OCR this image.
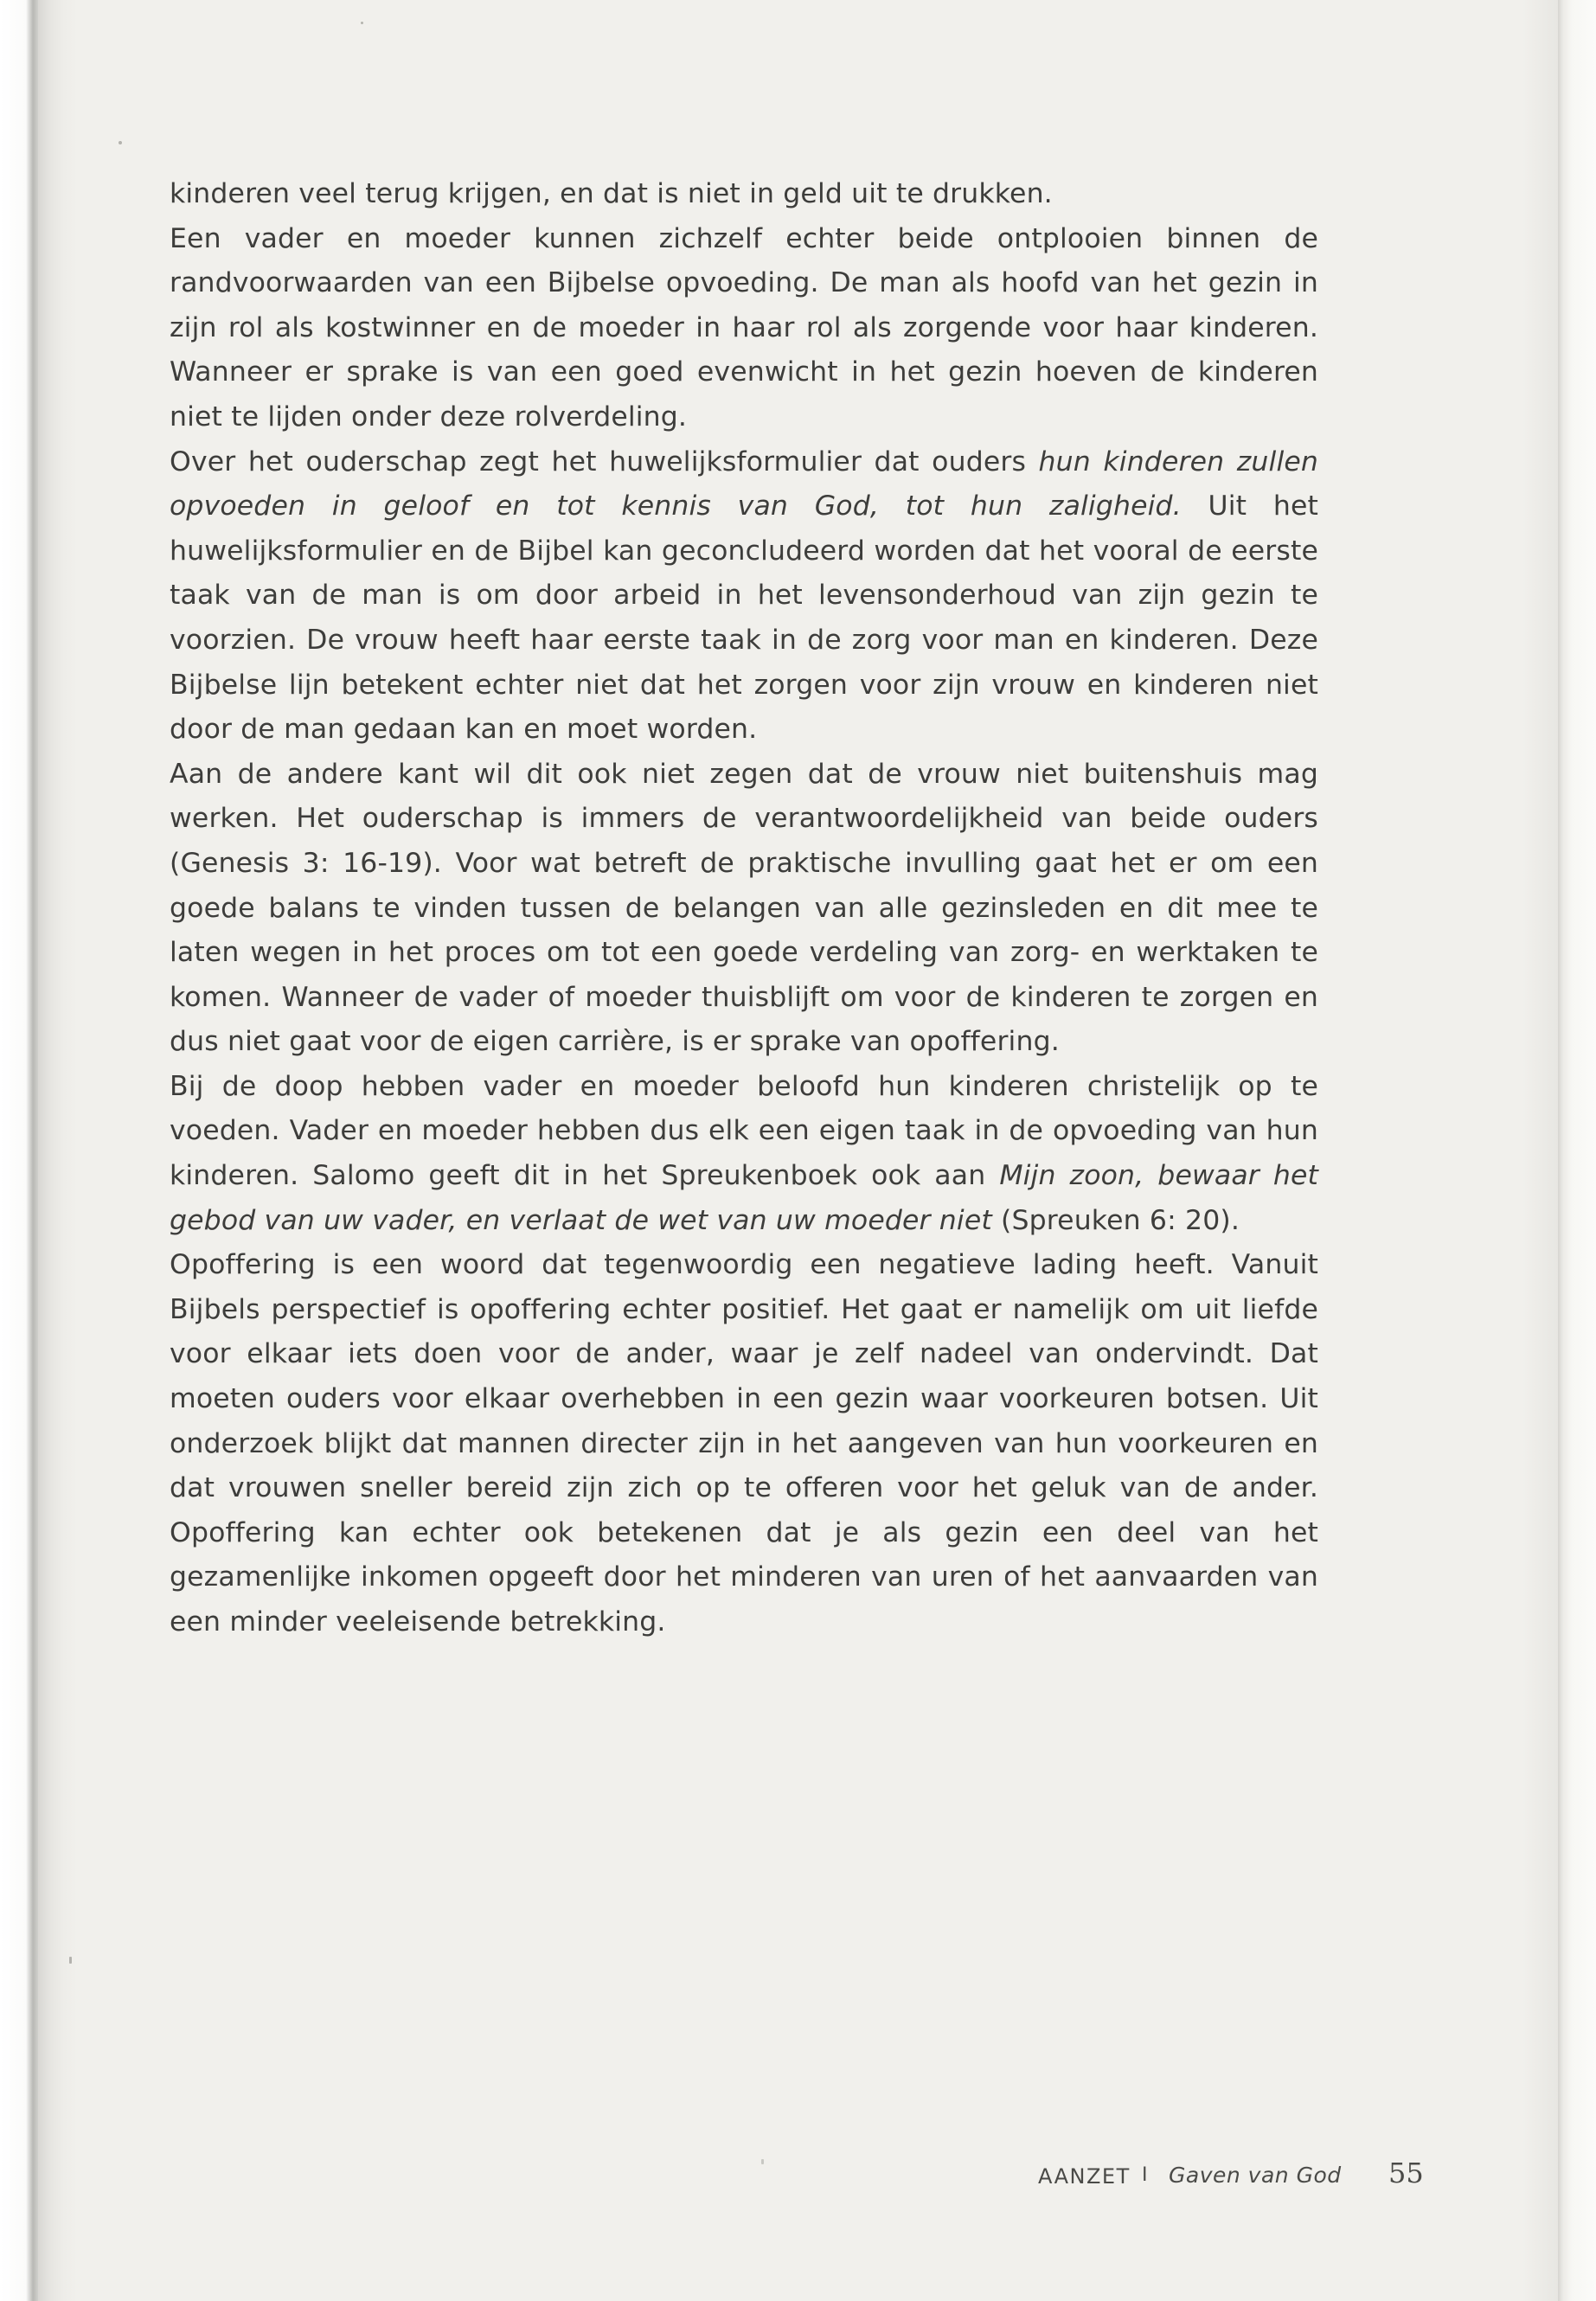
kinderen veel terug krijgen, en dat is niet in geld uit te drukken.

Een vader en moeder kunnen zichzelf echter beide ontplooien binnen de randvoorwaarden van een Bijbelse opvoeding. De man als hoofd van het gezin in zijn rol als kostwinner en de moeder in haar rol als zorgende voor haar kinderen. Wanneer er sprake is van een goed evenwicht in het gezin hoeven de kinderen niet te lijden onder deze rolverdeling.

Over het ouderschap zegt het huwelijksformulier dat ouders hun kinderen zullen opvoeden in geloof en tot kennis van God, tot hun zaligheid. Uit het huwelijksformulier en de Bijbel kan geconcludeerd worden dat het vooral de eerste taak van de man is om door arbeid in het levensonderhoud van zijn gezin te voorzien. De vrouw heeft haar eerste taak in de zorg voor man en kinderen. Deze Bijbelse lijn betekent echter niet dat het zorgen voor zijn vrouw en kinderen niet door de man gedaan kan en moet worden.

Aan de andere kant wil dit ook niet zegen dat de vrouw niet buitenshuis mag werken. Het ouderschap is immers de verantwoordelijkheid van beide ouders (Genesis 3: 16-19). Voor wat betreft de praktische invulling gaat het er om een goede balans te vinden tussen de belangen van alle gezinsleden en dit mee te laten wegen in het proces om tot een goede verdeling van zorg- en werktaken te komen. Wanneer de vader of moeder thuisblijft om voor de kinderen te zorgen en dus niet gaat voor de eigen carrière, is er sprake van opoffering.

Bij de doop hebben vader en moeder beloofd hun kinderen christelijk op te voeden. Vader en moeder hebben dus elk een eigen taak in de opvoeding van hun kinderen. Salomo geeft dit in het Spreukenboek ook aan Mijn zoon, bewaar het gebod van uw vader, en verlaat de wet van uw moeder niet (Spreuken 6: 20).

Opoffering is een woord dat tegenwoordig een negatieve lading heeft. Vanuit Bijbels perspectief is opoffering echter positief. Het gaat er namelijk om uit liefde voor elkaar iets doen voor de ander, waar je zelf nadeel van ondervindt. Dat moeten ouders voor elkaar overhebben in een gezin waar voorkeuren botsen. Uit onderzoek blijkt dat mannen directer zijn in het aangeven van hun voorkeuren en dat vrouwen sneller bereid zijn zich op te offeren voor het geluk van de ander. Opoffering kan echter ook betekenen dat je als gezin een deel van het gezamenlijke inkomen opgeeft door het minderen van uren of het aanvaarden van een minder veeleisende betrekking.

AANZET I Gaven van God 55
